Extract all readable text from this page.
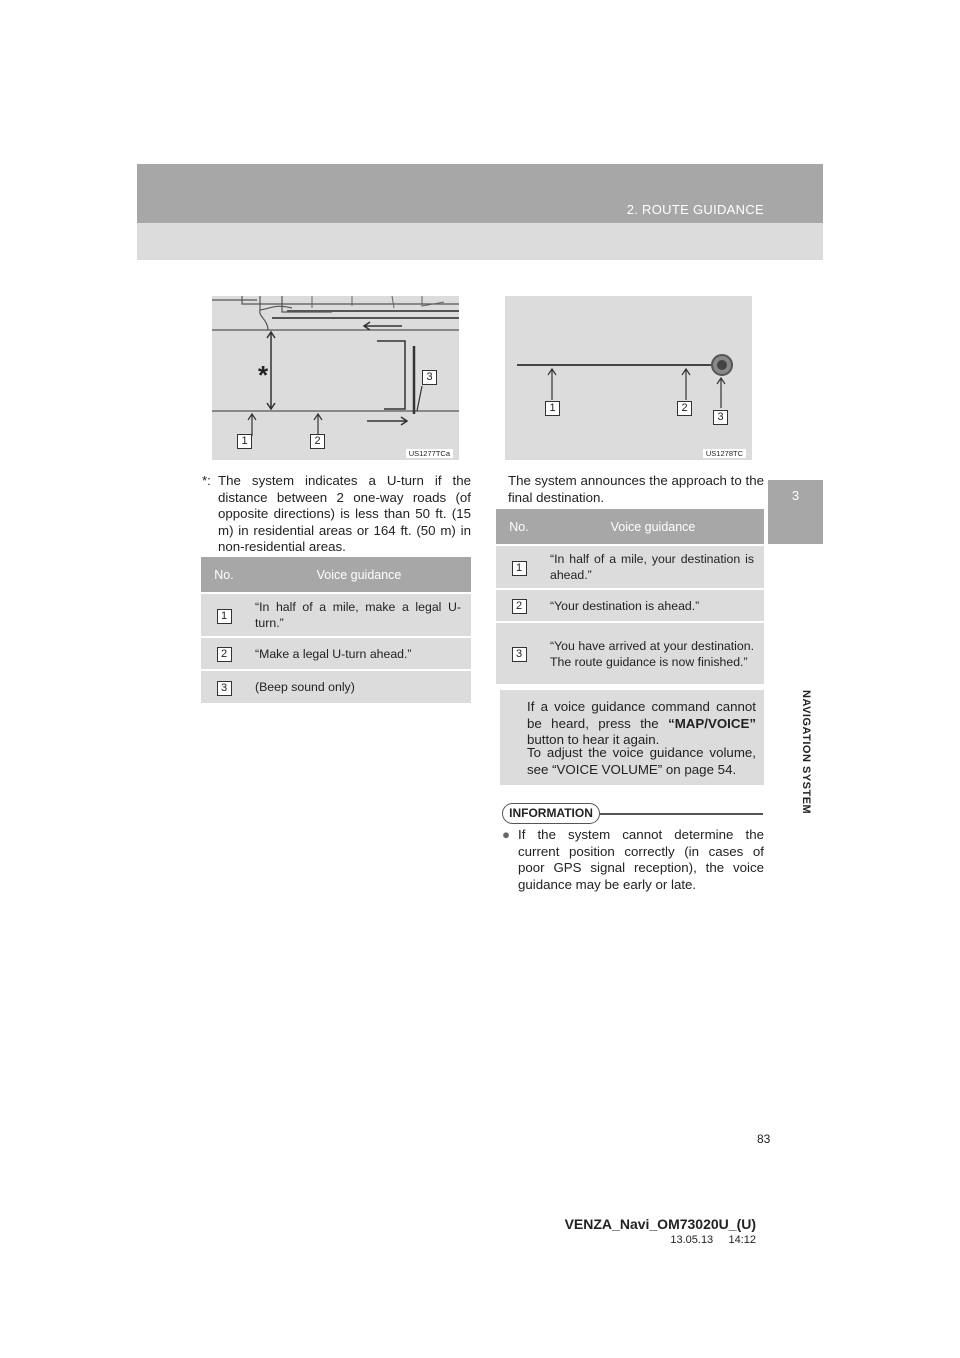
2. ROUTE GUIDANCE
3
NAVIGATION SYSTEM
*
1	2
3
US1277TCa
1	2
3
US1278TC
*: The system indicates a U-turn if the distance between 2 one-way roads (of opposite directions) is less than 50 ft. (15 m) in residential areas or 164 ft. (50 m) in non-residential areas.
No.	Voice guidance
1	“In half of a mile, make a legal U-turn.”
2	“Make a legal U-turn ahead.”
3	(Beep sound only)
The system announces the approach to the final destination.
No.	Voice guidance
1	“In half of a mile, your destination is ahead.”
2	“Your destination is ahead.”
3	“You have arrived at your destination. The route guidance is now finished.”
If a voice guidance command cannot be heard, press the “MAP/VOICE” button to hear it again.
To adjust the voice guidance volume, see “VOICE VOLUME” on page 54.
INFORMATION
● If the system cannot determine the current position correctly (in cases of poor GPS signal reception), the voice guidance may be early or late.
83
VENZA_Navi_OM73020U_(U)
13.05.13     14:12
